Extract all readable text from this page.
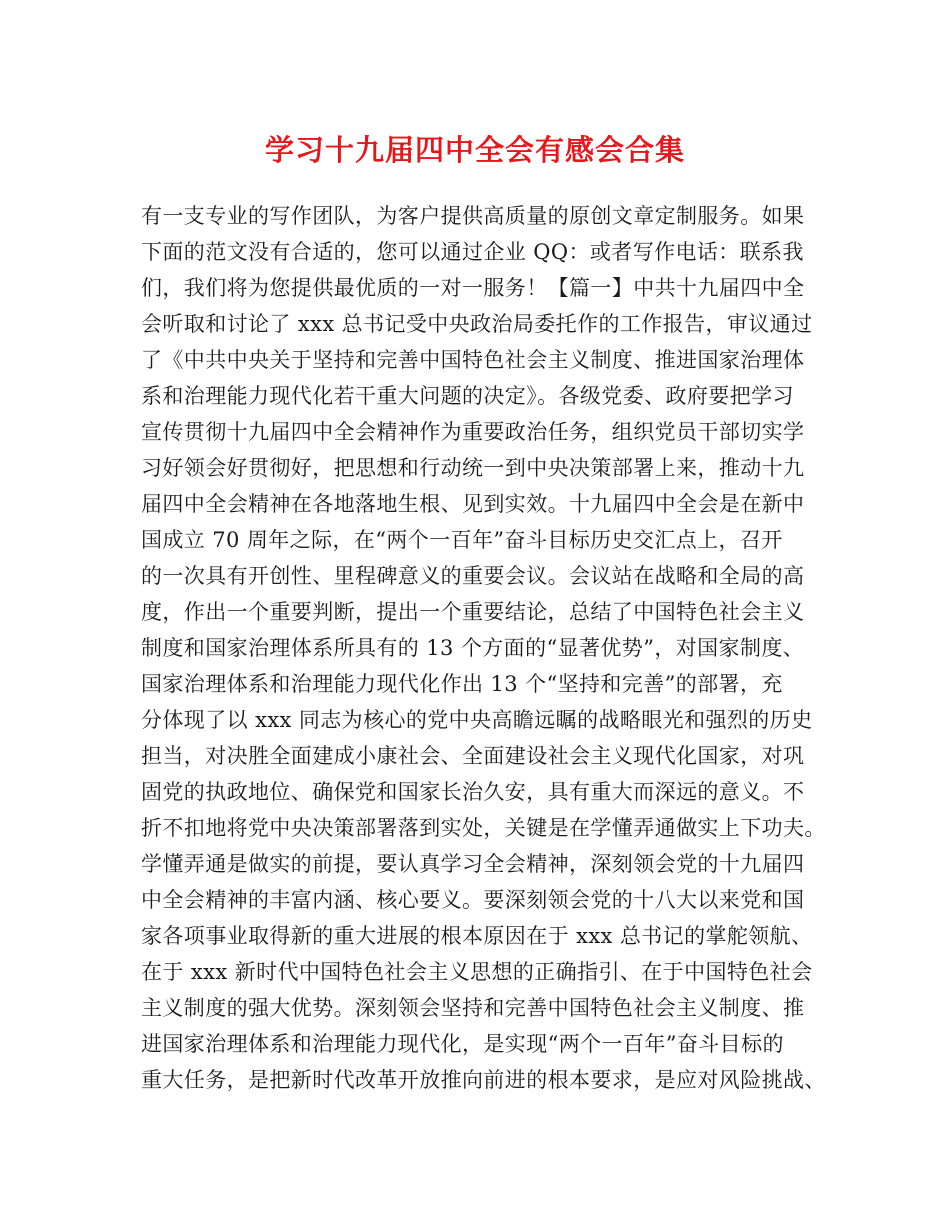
学习十九届四中全会有感会合集
有一支专业的写作团队，为客户提供高质量的原创文章定制服务。如果
下面的范文没有合适的，您可以通过企业 QQ：或者写作电话：联系我
们，我们将为您提供最优质的一对一服务！【篇一】中共十九届四中全
会听取和讨论了 xxx 总书记受中央政治局委托作的工作报告，审议通过
了《中共中央关于坚持和完善中国特色社会主义制度、推进国家治理体
系和治理能力现代化若干重大问题的决定》。各级党委、政府要把学习
宣传贯彻十九届四中全会精神作为重要政治任务，组织党员干部切实学
习好领会好贯彻好，把思想和行动统一到中央决策部署上来，推动十九
届四中全会精神在各地落地生根、见到实效。十九届四中全会是在新中
国成立 70 周年之际，在“两个一百年”奋斗目标历史交汇点上，召开
的一次具有开创性、里程碑意义的重要会议。会议站在战略和全局的高
度，作出一个重要判断，提出一个重要结论，总结了中国特色社会主义
制度和国家治理体系所具有的 13 个方面的“显著优势”，对国家制度、
国家治理体系和治理能力现代化作出 13 个“坚持和完善”的部署，充
分体现了以 xxx 同志为核心的党中央高瞻远瞩的战略眼光和强烈的历史
担当，对决胜全面建成小康社会、全面建设社会主义现代化国家，对巩
固党的执政地位、确保党和国家长治久安，具有重大而深远的意义。不
折不扣地将党中央决策部署落到实处，关键是在学懂弄通做实上下功夫。
学懂弄通是做实的前提，要认真学习全会精神，深刻领会党的十九届四
中全会精神的丰富内涵、核心要义。要深刻领会党的十八大以来党和国
家各项事业取得新的重大进展的根本原因在于 xxx 总书记的掌舵领航、
在于 xxx 新时代中国特色社会主义思想的正确指引、在于中国特色社会
主义制度的强大优势。深刻领会坚持和完善中国特色社会主义制度、推
进国家治理体系和治理能力现代化，是实现“两个一百年”奋斗目标的
重大任务，是把新时代改革开放推向前进的根本要求，是应对风险挑战、
